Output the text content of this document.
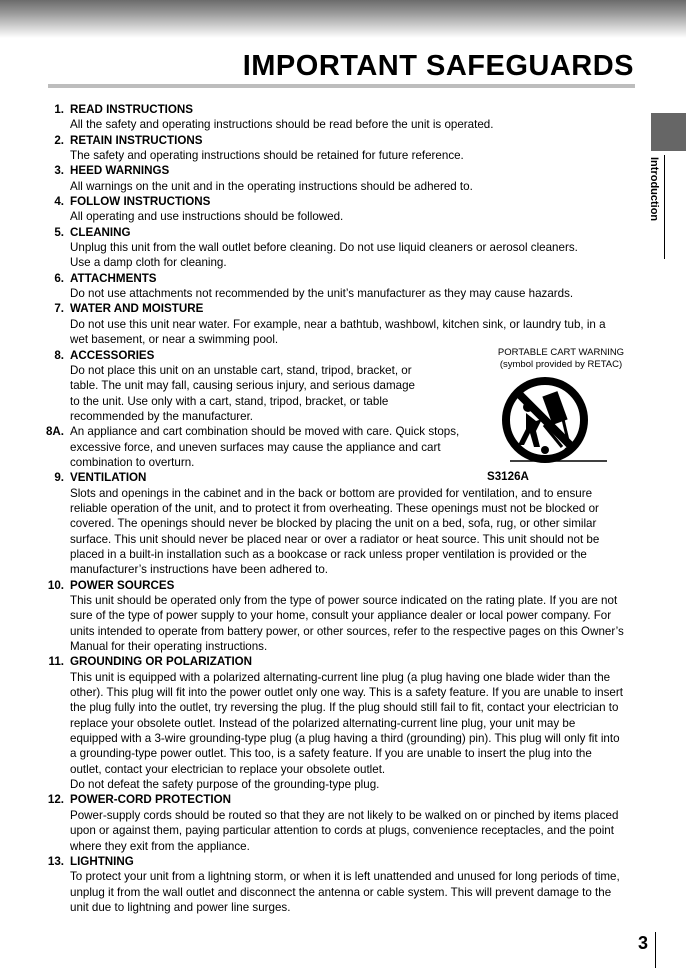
IMPORTANT SAFEGUARDS
Introduction
1. READ INSTRUCTIONS
All the safety and operating instructions should be read before the unit is operated.
2. RETAIN INSTRUCTIONS
The safety and operating instructions should be retained for future reference.
3. HEED WARNINGS
All warnings on the unit and in the operating instructions should be adhered to.
4. FOLLOW INSTRUCTIONS
All operating and use instructions should be followed.
5. CLEANING
Unplug this unit from the wall outlet before cleaning. Do not use liquid cleaners or aerosol cleaners.
Use a damp cloth for cleaning.
6. ATTACHMENTS
Do not use attachments not recommended by the unit’s manufacturer as they may cause hazards.
7. WATER AND MOISTURE
Do not use this unit near water. For example, near a bathtub, washbowl, kitchen sink, or laundry tub, in a
wet basement, or near a swimming pool.
8. ACCESSORIES
Do not place this unit on an unstable cart, stand, tripod, bracket, or
table. The unit may fall, causing serious injury, and serious damage
to the unit. Use only with a cart, stand, tripod, bracket, or table
recommended by the manufacturer.
8A. An appliance and cart combination should be moved with care. Quick stops,
excessive force, and uneven surfaces may cause the appliance and cart
combination to overturn.
9. VENTILATION
Slots and openings in the cabinet and in the back or bottom are provided for ventilation, and to ensure
reliable operation of the unit, and to protect it from overheating. These openings must not be blocked or
covered. The openings should never be blocked by placing the unit on a bed, sofa, rug, or other similar
surface. This unit should never be placed near or over a radiator or heat source. This unit should not be
placed in a built-in installation such as a bookcase or rack unless proper ventilation is provided or the
manufacturer’s instructions have been adhered to.
10. POWER SOURCES
This unit should be operated only from the type of power source indicated on the rating plate. If you are not
sure of the type of power supply to your home, consult your appliance dealer or local power company. For
units intended to operate from battery power, or other sources, refer to the respective pages on this Owner’s
Manual for their operating instructions.
11. GROUNDING OR POLARIZATION
This unit is equipped with a polarized alternating-current line plug (a plug having one blade wider than the
other). This plug will fit into the power outlet only one way. This is a safety feature. If you are unable to insert
the plug fully into the outlet, try reversing the plug. If the plug should still fail to fit, contact your electrician to
replace your obsolete outlet. Instead of the polarized alternating-current line plug, your unit may be
equipped with a 3-wire grounding-type plug (a plug having a third (grounding) pin). This plug will only fit into
a grounding-type power outlet. This too, is a safety feature. If you are unable to insert the plug into the
outlet, contact your electrician to replace your obsolete outlet.
Do not defeat the safety purpose of the grounding-type plug.
12. POWER-CORD PROTECTION
Power-supply cords should be routed so that they are not likely to be walked on or pinched by items placed
upon or against them, paying particular attention to cords at plugs, convenience receptacles, and the point
where they exit from the appliance.
13. LIGHTNING
To protect your unit from a lightning storm, or when it is left unattended and unused for long periods of time,
unplug it from the wall outlet and disconnect the antenna or cable system. This will prevent damage to the
unit due to lightning and power line surges.
PORTABLE CART WARNING
(symbol provided by RETAC)
S3126A
3
